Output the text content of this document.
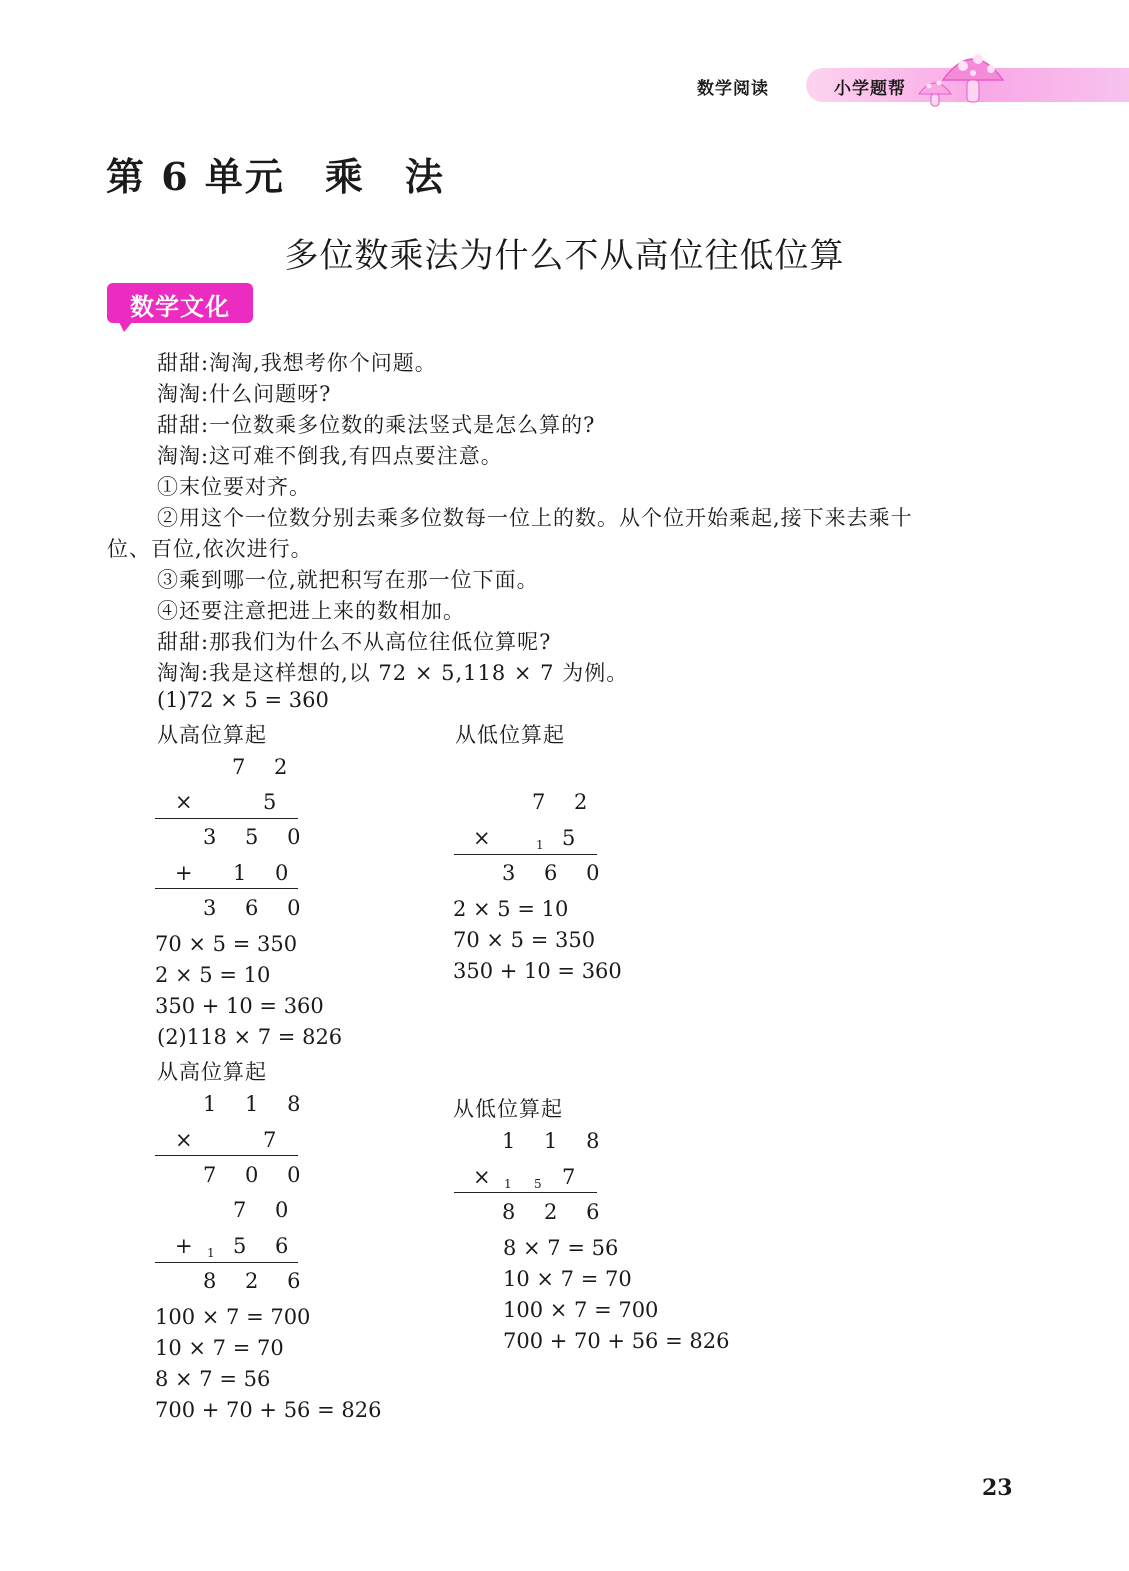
数学阅读	小学题帮
第 6 单元　乘　法
多位数乘法为什么不从高位往低位算
数学文化
甜甜:淘淘,我想考你个问题。
淘淘:什么问题呀?
甜甜:一位数乘多位数的乘法竖式是怎么算的?
淘淘:这可难不倒我,有四点要注意。
①末位要对齐。
②用这个一位数分别去乘多位数每一位上的数。从个位开始乘起,接下来去乘十
位、百位,依次进行。
③乘到哪一位,就把积写在那一位下面。
④还要注意把进上来的数相加。
甜甜:那我们为什么不从高位往低位算呢?
淘淘:我是这样想的,以 72 × 5,118 × 7 为例。
(1)72 × 5 = 360
从高位算起	从低位算起
7 2
×	5
3 5 0
+ 1 0
3 6 0
70 × 5 = 350
2 × 5 = 10
350 + 10 = 360
7 2
×	1 5
3 6 0
2 × 5 = 10
70 × 5 = 350
350 + 10 = 360
(2)118 × 7 = 826
从高位算起
从低位算起
1 1 8
×	7
7 0 0
7 0
+ 1 5 6
8 2 6
100 × 7 = 700
10 × 7 = 70
8 × 7 = 56
700 + 70 + 56 = 826
1 1 8
× 1 5 7
8 2 6
8 × 7 = 56
10 × 7 = 70
100 × 7 = 700
700 + 70 + 56 = 826
23
